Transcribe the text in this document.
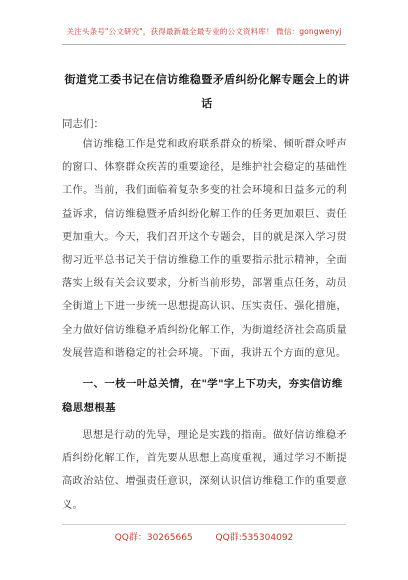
关注头条号"公文研究"，获得最新最全最专业的公文资料库！ 微信：gongwenyj
街道党工委书记在信访维稳暨矛盾纠纷化解专题会上的讲话
同志们：
信访维稳工作是党和政府联系群众的桥梁、倾听群众呼声的窗口、体察群众疾苦的重要途径，是维护社会稳定的基础性工作。当前，我们面临着复杂多变的社会环境和日益多元的利益诉求，信访维稳暨矛盾纠纷化解工作的任务更加艰巨、责任更加重大。今天，我们召开这个专题会，目的就是深入学习贯彻习近平总书记关于信访维稳工作的重要指示批示精神，全面落实上级有关会议要求，分析当前形势，部署重点任务，动员全街道上下进一步统一思想提高认识、压实责任、强化措施，全力做好信访维稳矛盾纠纷化解工作，为街道经济社会高质量发展营造和谐稳定的社会环境。下面，我讲五个方面的意见。
一、一枝一叶总关情，在"学"字上下功夫，夯实信访维稳思想根基
思想是行动的先导，理论是实践的指南。做好信访维稳矛盾纠纷化解工作，首先要从思想上高度重视，通过学习不断提高政治站位、增强责任意识，深刻认识信访维稳工作的重要意义。
QQ群：30265665	QQ群:535304092
